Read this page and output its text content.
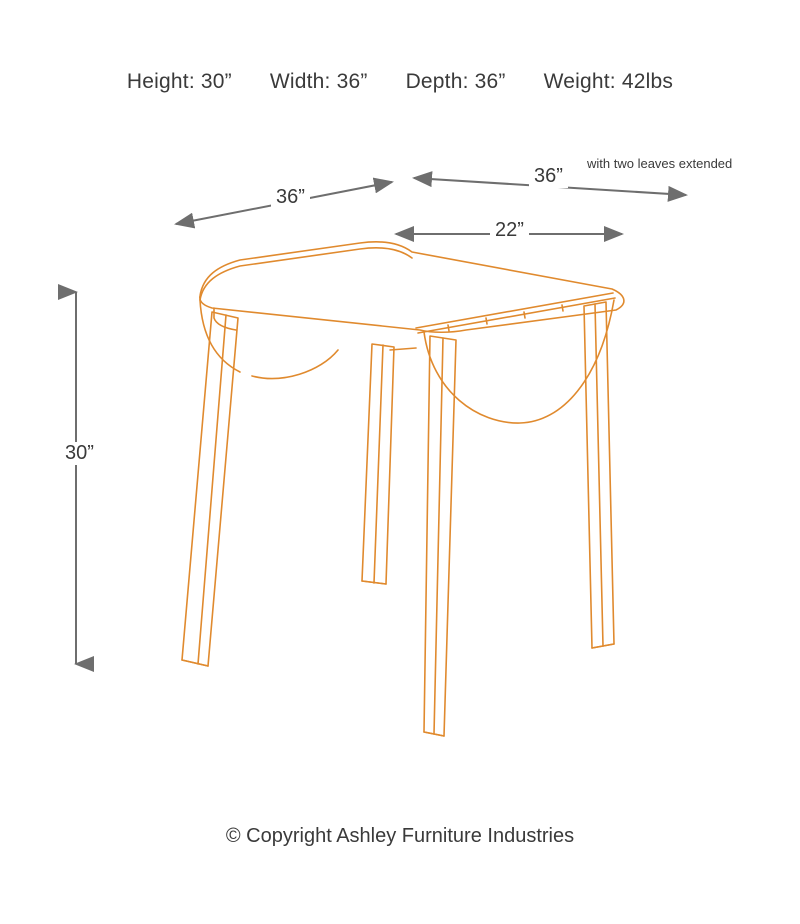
Height: 30” Width: 36” Depth: 36” Weight: 42lbs
36”
36”
22”
30”
with two leaves extended
© Copyright Ashley Furniture Industries
